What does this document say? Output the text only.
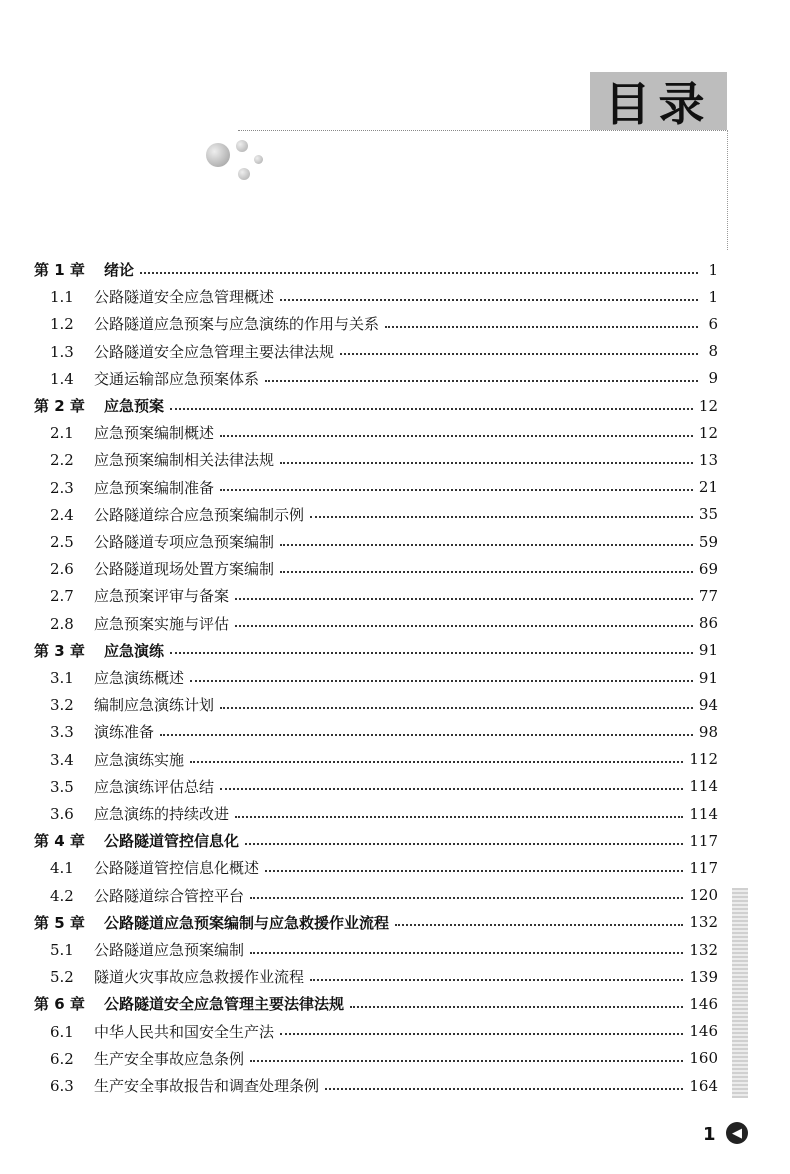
目录
第 1 章 绪论	1
1.1 公路隧道安全应急管理概述	1
1.2 公路隧道应急预案与应急演练的作用与关系	6
1.3 公路隧道安全应急管理主要法律法规	8
1.4 交通运输部应急预案体系	9
第 2 章 应急预案	12
2.1 应急预案编制概述	12
2.2 应急预案编制相关法律法规	13
2.3 应急预案编制准备	21
2.4 公路隧道综合应急预案编制示例	35
2.5 公路隧道专项应急预案编制	59
2.6 公路隧道现场处置方案编制	69
2.7 应急预案评审与备案	77
2.8 应急预案实施与评估	86
第 3 章 应急演练	91
3.1 应急演练概述	91
3.2 编制应急演练计划	94
3.3 演练准备	98
3.4 应急演练实施	112
3.5 应急演练评估总结	114
3.6 应急演练的持续改进	114
第 4 章 公路隧道管控信息化	117
4.1 公路隧道管控信息化概述	117
4.2 公路隧道综合管控平台	120
第 5 章 公路隧道应急预案编制与应急救援作业流程	132
5.1 公路隧道应急预案编制	132
5.2 隧道火灾事故应急救援作业流程	139
第 6 章 公路隧道安全应急管理主要法律法规	146
6.1 中华人民共和国安全生产法	146
6.2 生产安全事故应急条例	160
6.3 生产安全事故报告和调查处理条例	164
1	◀
